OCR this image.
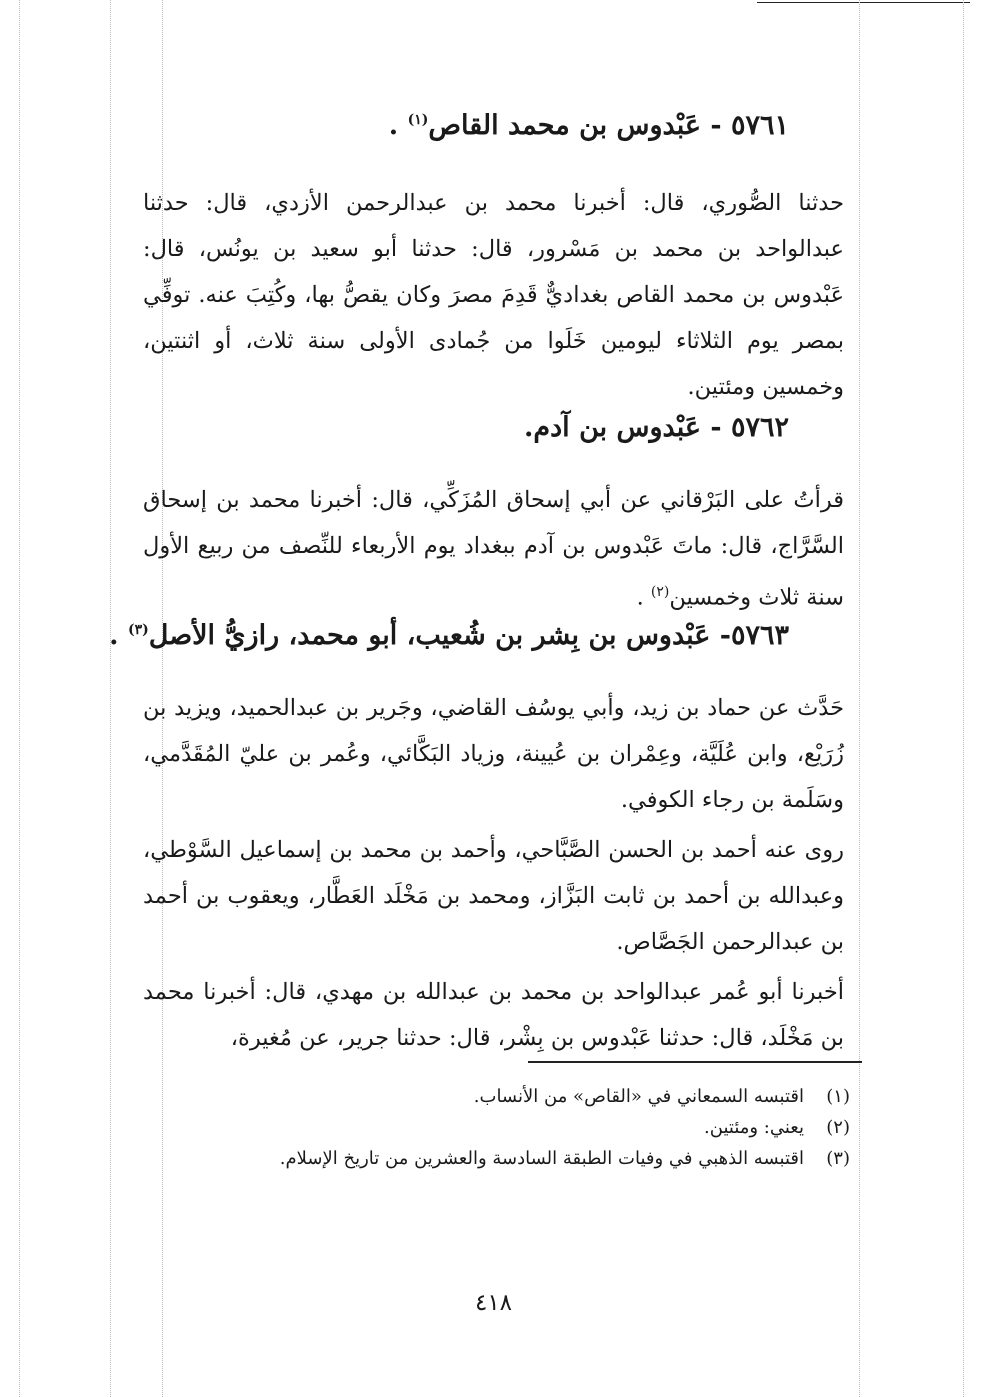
٥٧٦١ - عَبْدوس بن محمد القاص$^{(١)}$ .

حدثنا الصُّوري، قال: أخبرنا محمد بن عبدالرحمن الأزدي، قال: حدثنا عبدالواحد بن محمد بن مَسْرور، قال: حدثنا أبو سعيد بن يونُس، قال: عَبْدوس بن محمد القاص بغداديٌّ قَدِمَ مصرَ وكان يقصُّ بها، وكُتِبَ عنه. توفِّي بمصر يوم الثلاثاء ليومين خَلَوا من جُمادى الأولى سنة ثلاث، أو اثنتين، وخمسين ومئتين.

٥٧٦٢ - عَبْدوس بن آدم.

قرأتُ على البَرْقاني عن أبي إسحاق المُزَكِّي، قال: أخبرنا محمد بن إسحاق السَّرَّاج، قال: ماتَ عَبْدوس بن آدم ببغداد يوم الأربعاء للنِّصف من ربيع الأول سنة ثلاث وخمسين$^{(٢)}$ .

٥٧٦٣- عَبْدوس بن بِشر بن شُعيب، أبو محمد، رازيُّ الأصل$^{(٣)}$ .

حَدَّث عن حماد بن زيد، وأبي يوسُف القاضي، وجَرير بن عبدالحميد، ويزيد بن زُرَيْع، وابن عُلَيَّة، وعِمْران بن عُيينة، وزياد البَكَّائي، وعُمر بن عليّ المُقَدَّمي، وسَلَمة بن رجاء الكوفي.

روى عنه أحمد بن الحسن الصَّبَّاحي، وأحمد بن محمد بن إسماعيل السَّوْطي، وعبدالله بن أحمد بن ثابت البَزَّاز، ومحمد بن مَخْلَد العَطَّار، ويعقوب بن أحمد بن عبدالرحمن الجَصَّاص.

أخبرنا أبو عُمر عبدالواحد بن محمد بن عبدالله بن مهدي، قال: أخبرنا محمد بن مَخْلَد، قال: حدثنا عَبْدوس بن بِشْر، قال: حدثنا جرير، عن مُغيرة،

(١)اقتبسه السمعاني في «القاص» من الأنساب.
(٢)يعني: ومئتين.
(٣)اقتبسه الذهبي في وفيات الطبقة السادسة والعشرين من تاريخ الإسلام.
٤١٨
